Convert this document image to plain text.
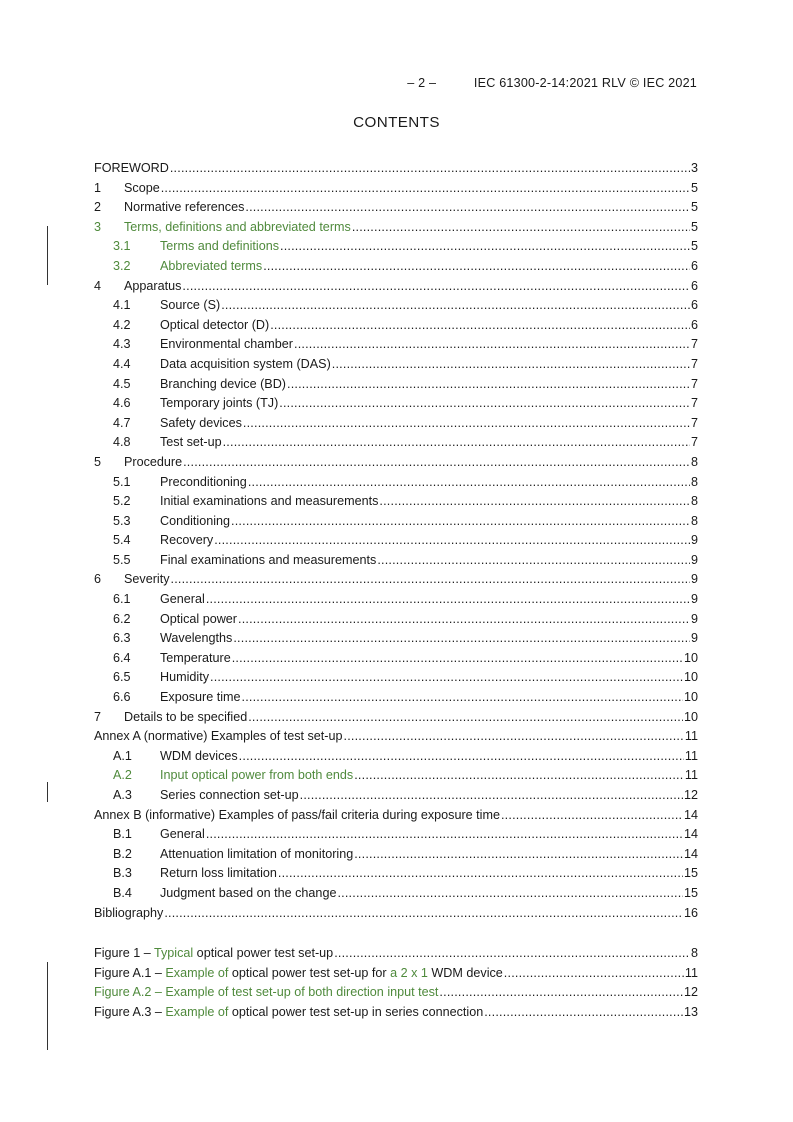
– 2 –	IEC 61300-2-14:2021 RLV © IEC 2021
CONTENTS
FOREWORD .....	3
1	Scope .....	5
2	Normative references .....	5
3	Terms, definitions and abbreviated terms .....	5
3.1	Terms and definitions .....	5
3.2	Abbreviated terms .....	6
4	Apparatus .....	6
4.1	Source (S) .....	6
4.2	Optical detector (D) .....	6
4.3	Environmental chamber .....	7
4.4	Data acquisition system (DAS) .....	7
4.5	Branching device (BD) .....	7
4.6	Temporary joints (TJ) .....	7
4.7	Safety devices .....	7
4.8	Test set-up .....	7
5	Procedure .....	8
5.1	Preconditioning .....	8
5.2	Initial examinations and measurements .....	8
5.3	Conditioning .....	8
5.4	Recovery .....	9
5.5	Final examinations and measurements .....	9
6	Severity .....	9
6.1	General .....	9
6.2	Optical power .....	9
6.3	Wavelengths .....	9
6.4	Temperature .....	10
6.5	Humidity .....	10
6.6	Exposure time .....	10
7	Details to be specified .....	10
Annex A (normative) Examples of test set-up .....	11
A.1	WDM devices .....	11
A.2	Input optical power from both ends .....	11
A.3	Series connection set-up .....	12
Annex B (informative) Examples of pass/fail criteria during exposure time .....	14
B.1	General .....	14
B.2	Attenuation limitation of monitoring .....	14
B.3	Return loss limitation .....	15
B.4	Judgment based on the change .....	15
Bibliography .....	16
Figure 1 – Typical optical power test set-up .....	8
Figure A.1 – Example of optical power test set-up for a 2 x 1 WDM device .....	11
Figure A.2 – Example of test set-up of both direction input test .....	12
Figure A.3 – Example of optical power test set-up in series connection .....	13
